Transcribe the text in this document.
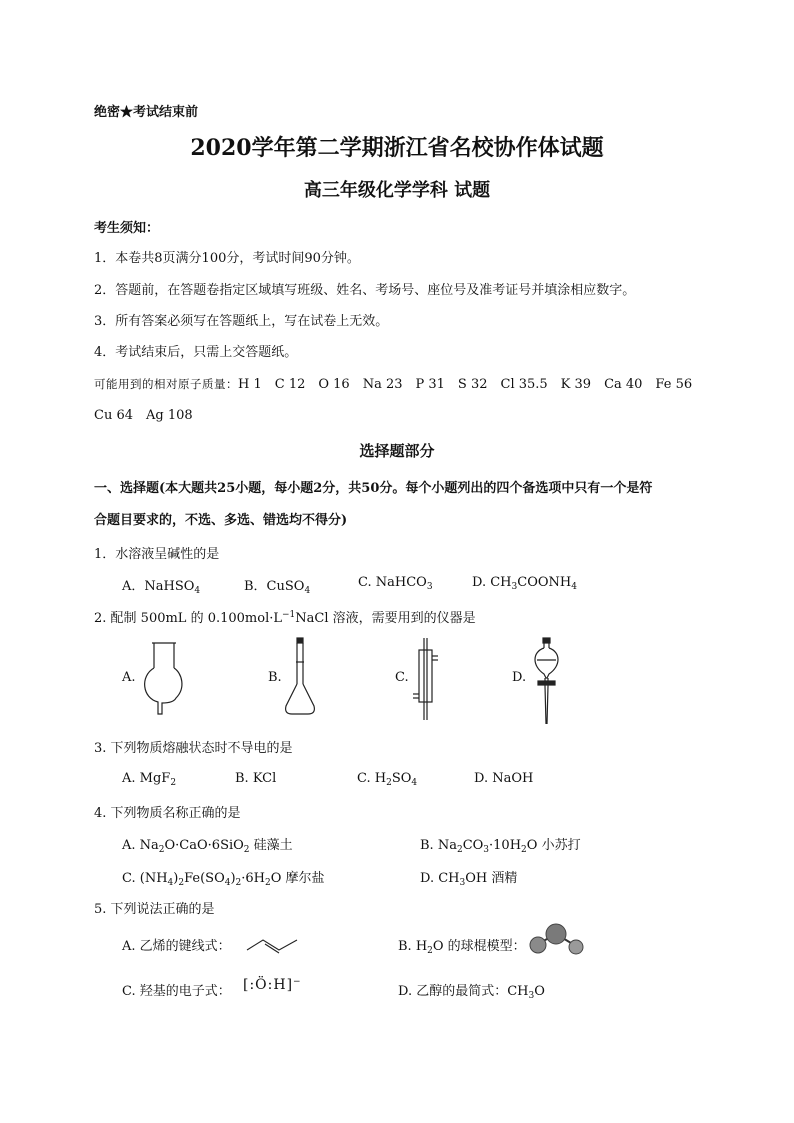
绝密★考试结束前
2020学年第二学期浙江省名校协作体试题
高三年级化学学科 试题
考生须知：
1．本卷共8页满分100分，考试时间90分钟。
2．答题前，在答题卷指定区域填写班级、姓名、考场号、座位号及准考证号并填涂相应数字。
3．所有答案必须写在答题纸上，写在试卷上无效。
4．考试结束后，只需上交答题纸。
可能用到的相对原子质量：H 1　C 12　O 16　Na 23　P 31　S 32　Cl 35.5　K 39　Ca 40　Fe 56
Cu 64　Ag 108
选择题部分
一、选择题(本大题共25小题，每小题2分，共50分。每个小题列出的四个备选项中只有一个是符
合题目要求的，不选、多选、错选均不得分)
1．水溶液呈碱性的是
A．NaHSO$_4$	B．CuSO$_4$
C. NaHCO$_3$	D. $CH_3COONH_4$
2. 配制 500mL 的 $0.100mol\cdot L^{-1}NaCl$ 溶液，需要用到的仪器是
A.	B.	C.	D.
3. 下列物质熔融状态时不导电的是
A. MgF$_2$	B. KCl	C. $H_2SO_4$	D. NaOH
4. 下列物质名称正确的是
A. $Na_2O\cdot CaO\cdot 6SiO_2$ 硅藻土	B. $Na_2CO_3\cdot 10H_2O$ 小苏打
C. $(NH_4)_2Fe(SO_4)_2\cdot 6H_2O$ 摩尔盐	D. $CH_3OH$ 酒精
5. 下列说法正确的是
A. 乙烯的键线式：	B. $H_2O$ 的球棍模型：
C. 羟基的电子式： [:Ö:H]−
D. 乙醇的最简式：$CH_3O$
